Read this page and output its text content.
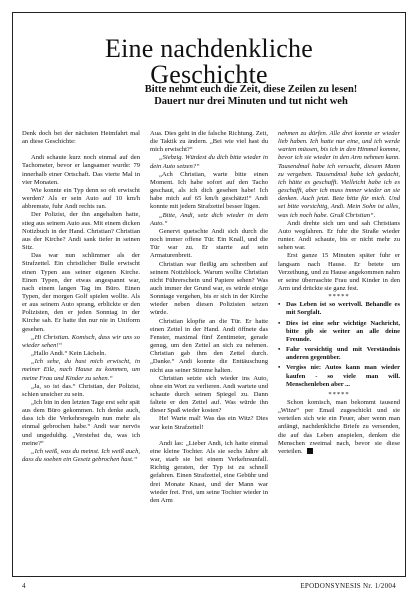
Eine nachdenkliche
Geschichte
Bitte nehmt euch die Zeit, diese Zeilen zu lesen!
Dauert nur drei Minuten und tut nicht weh

Denk doch bei der nächsten Heimfahrt mal an diese Geschichte:

Andi schaute kurz noch einmal auf den Tachometer, bevor er langsamer wurde: 79 innerhalb einer Ortschaft. Das vierte Mal in vier Monaten.

Wie konnte ein Typ denn so oft erwischt werden? Als er sein Auto auf 10 km/h abbremste, fuhr Andi rechts ran.

Der Polizist, der ihn angehalten hatte, stieg aus seinem Auto aus. Mit einem dicken Notizbuch in der Hand. Christian? Christian aus der Kirche? Andi sank tiefer in seinen Sitz.

Das war nun schlimmer als der Strafzettel. Ein christlicher Bulle erwischt einen Typen aus seiner eigenen Kirche. Einen Typen, der etwas angespannt war, nach einem langen Tag im Büro. Einen Typen, der morgen Golf spielen wollte. Als er aus seinem Auto sprang, erblickte er den Polizisten, den er jeden Sonntag in der Kirche sah. Er hatte ihn nur nie in Uniform gesehen.

„Hi Christian. Komisch, dass wir uns so wieder sehen!“

„Hallo Andi.“ Kein Lächeln.

„Ich sehe, du hast mich erwischt, in meiner Eile, nach Hause zu kommen, um meine Frau und Kinder zu sehen.“

„Ja, so ist das.“ Christian, der Polizist, schien unsicher zu sein.

„Ich bin in den letzten Tage erst sehr spät aus dem Büro gekommen. Ich denke auch, dass ich die Verkehrsregeln nun mehr als einmal gebrochen habe.“ Andi war nervös und ungeduldig. „Verstehst du, was ich meine?“

„Ich weiß, was du meinst. Ich weiß auch, dass du soeben ein Gesetz gebrochen hast.“

Aua. Dies geht in die falsche Richtung. Zeit, die Taktik zu ändern. „Bei wie viel hast du mich erwischt?“

„Siebzig. Würdest du dich bitte wieder in dein Auto setzen?“

„Ach Christian, warte bitte einen Moment. Ich habe sofort auf den Tacho geschaut, als ich dich gesehen habe! Ich habe mich auf 65 km/h geschätzt!“ Andi konnte mit jedem Strafzettel besser lügen.

„Bitte, Andi, setz dich wieder in dein Auto.“

Genervt quetschte Andi sich durch die noch immer offene Tür. Ein Knall, und die Tür war zu. Er starrte auf sein Armaturenbrett.

Christian war fleißig am schreiben auf seinem Notizblock. Warum wollte Christian nicht Führerschein und Papiere sehen? Was auch immer der Grund war, es würde einige Sonntage vergehen, bis er sich in der Kirche wieder neben diesen Polizisten setzen würde.

Christian klopfte an die Tür. Er hatte einen Zettel in der Hand. Andi öffnete das Fenster, maximal fünf Zentimeter, gerade genug, um den Zettel an sich zu nehmen. Christian gab ihm den Zettel durch. „Danke.“ Andi konnte die Enttäuschung nicht aus seiner Stimme halten.

Christian setzte sich wieder ins Auto, ohne ein Wort zu verlieren. Andi wartete und schaute durch seinen Spiegel zu. Dann faltete er den Zettel auf. Was würde ihn dieser Spaß wieder kosten?

He! Warte mal! Was das ein Witz? Dies war kein Strafzettel!

Andi las: „Lieber Andi, ich hatte einmal eine kleine Tochter. Als sie sechs Jahre alt war, starb sie bei einem Verkehrsunfall. Richtig geraten, der Typ ist zu schnell gefahren. Einen Strafzettel, eine Gebühr und drei Monate Knast, und der Mann war wieder frei. Frei, um seine Tochter wieder in den Arm

nehmen zu dürfen. Alle drei konnte er wieder lieb haben. Ich hatte nur eine, und ich werde warten müssen, bis ich in den Himmel komme, bevor ich sie wieder in den Arm nehmen kann. Tausendmal habe ich versucht, diesem Mann zu vergeben. Tausendmal habe ich gedacht, ich hätte es geschafft. Vielleicht habe ich es geschafft, aber ich muss immer wieder an sie denken. Auch jetzt. Bete bitte für mich. Und sei bitte vorsichtig, Andi. Mein Sohn ist alles, was ich noch habe. Gruß Christian“.

Andi drehte sich um und sah Christians Auto wegfahren. Er fuhr die Straße wieder runter. Andi schaute, bis er nicht mehr zu sehen war.

Erst ganze 15 Minuten später fuhr er langsam nach Hause. Er betete um Verzeihung, und zu Hause angekommen nahm er seine überraschte Frau und Kinder in den Arm und drückte sie ganz fest.

*****

• Das Leben ist so wertvoll. Behandle es mit Sorgfalt.
• Dies ist eine sehr wichtige Nachricht, bitte gib sie weiter an alle deine Freunde.
• Fahr vorsichtig und mit Verständnis anderen gegenüber.
• Vergiss nie: Autos kann man wieder kaufen - so viele man will. Menschenleben aber ...

*****

Schon komisch, man bekommt tausend „Witze“ per Email zugeschickt und sie verteilen sich wie ein Feuer, aber wenn man anfängt, nachdenkliche Briefe zu versenden, die auf das Leben anspielen, denken die Menschen zweimal nach, bevor sie diese verteilen.

4	EPODONSYNESIS Nr. 1/2004
